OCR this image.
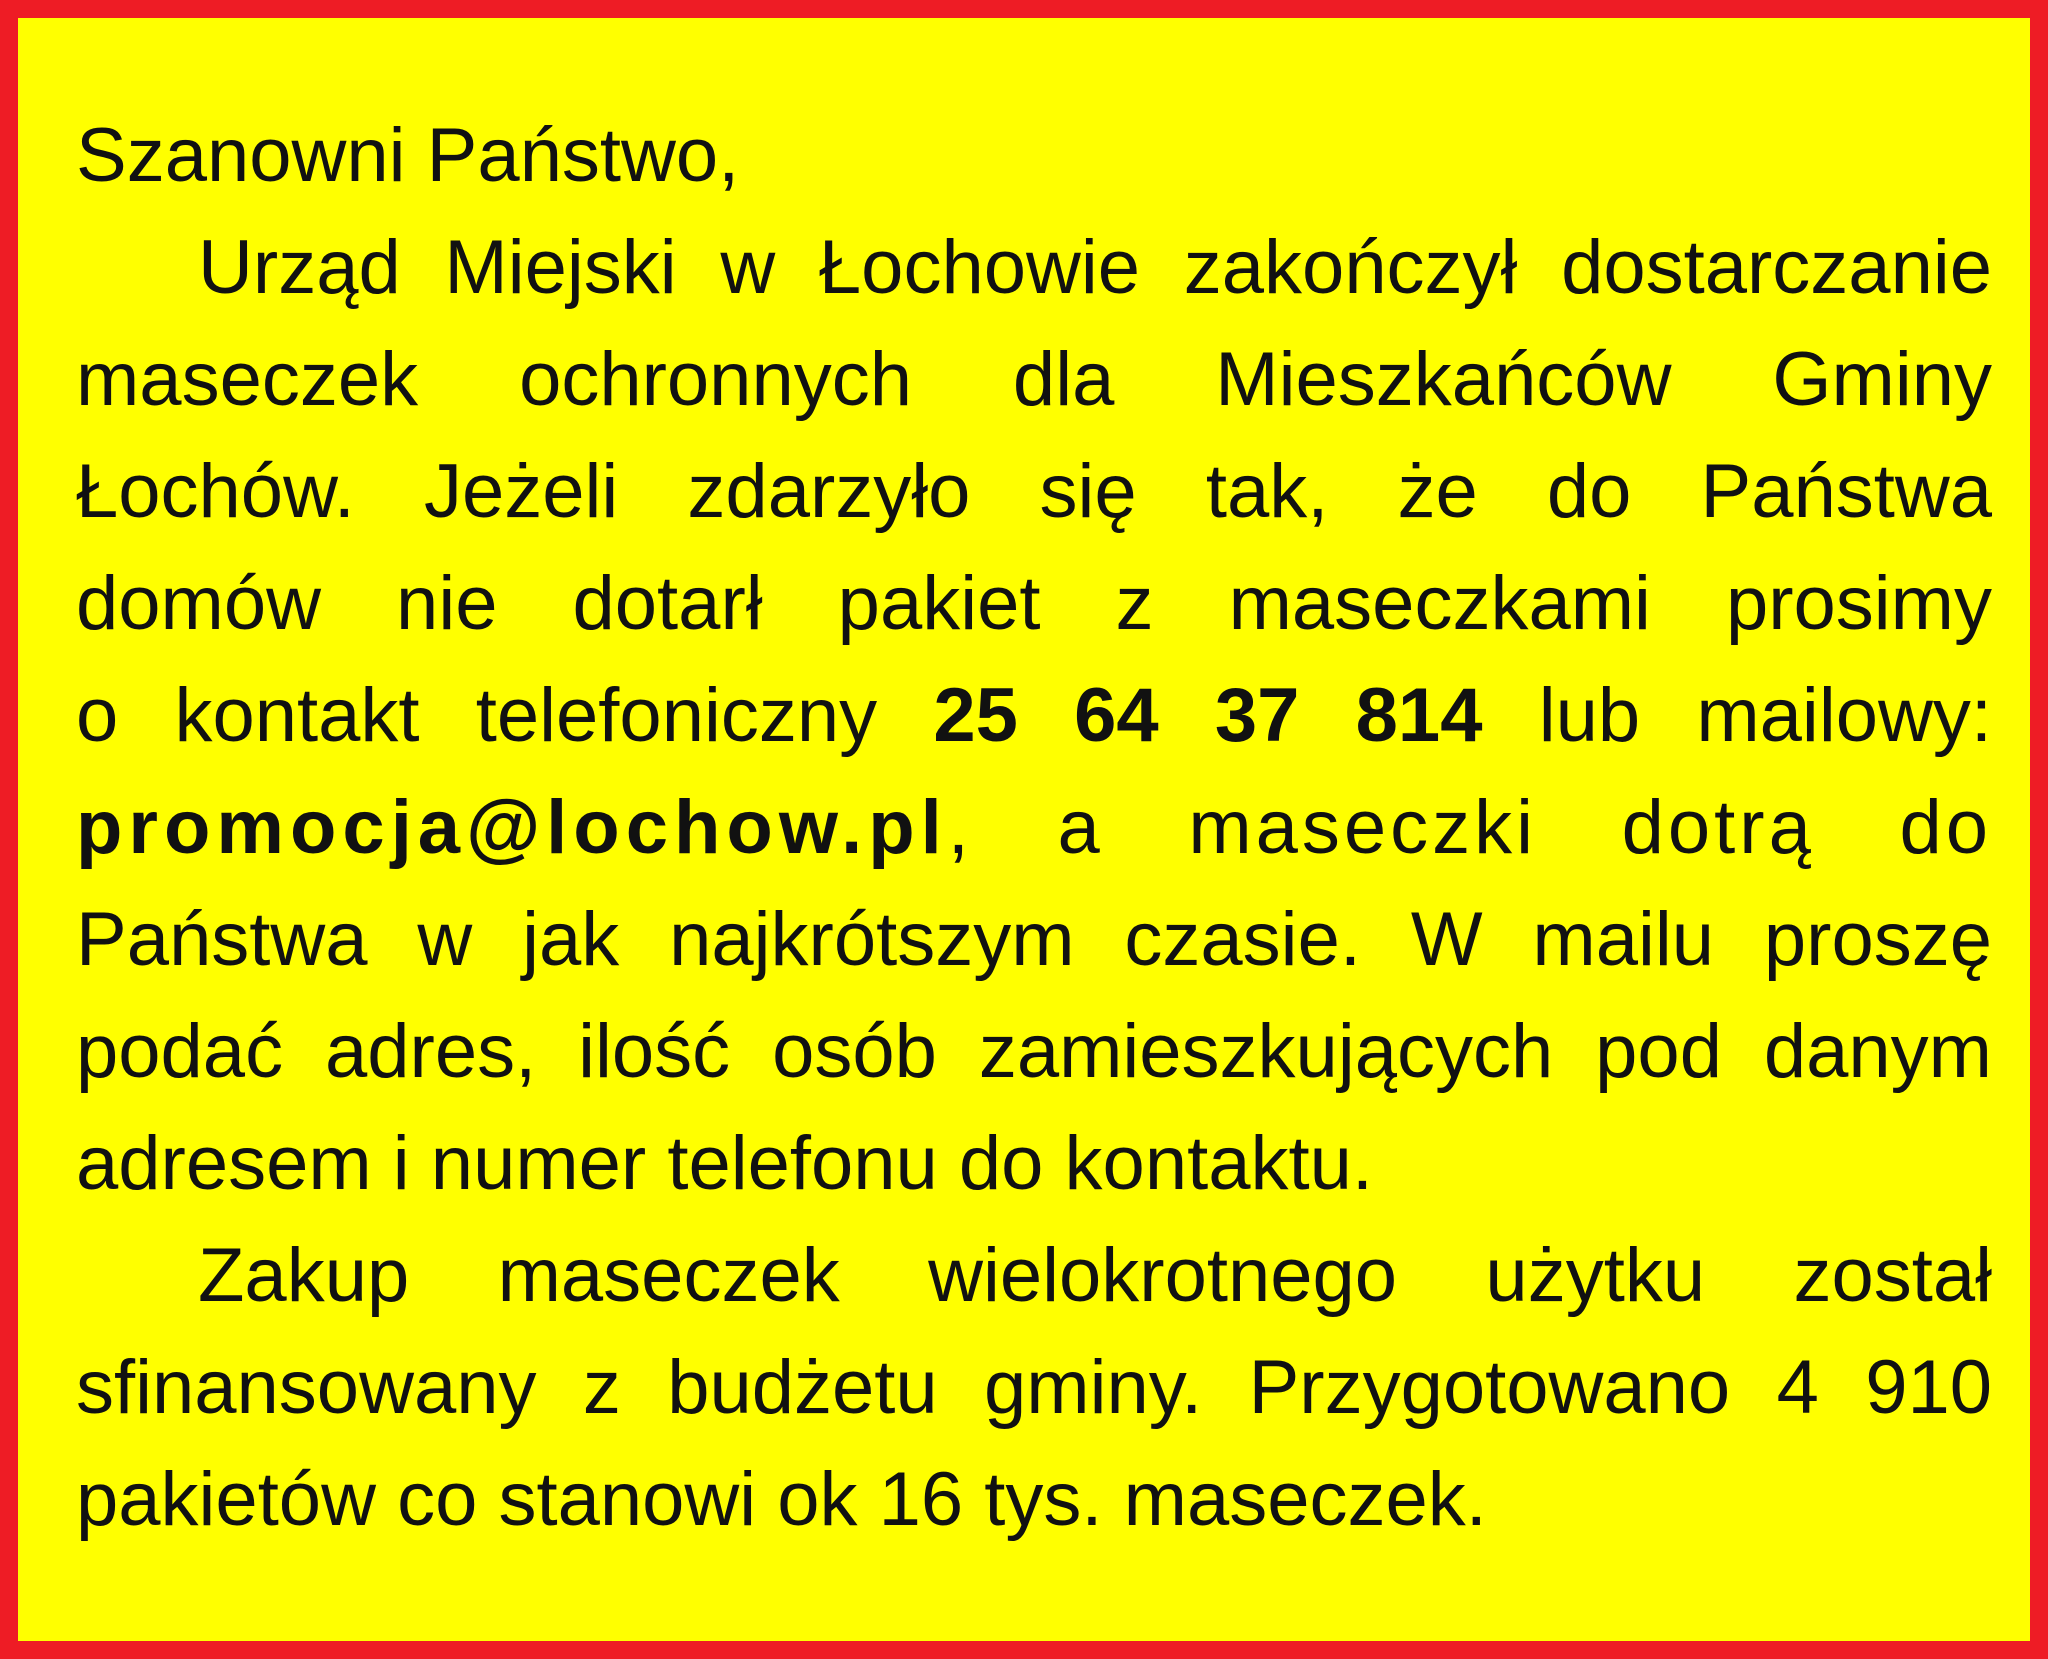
Szanowni Państwo,
Urząd Miejski w Łochowie zakończył dostarczanie
maseczek ochronnych dla Mieszkańców Gminy
Łochów. Jeżeli zdarzyło się tak, że do Państwa
domów nie dotarł pakiet z maseczkami prosimy
o kontakt telefoniczny 25 64 37 814 lub mailowy:
promocja@lochow.pl, a maseczki dotrą do
Państwa w jak najkrótszym czasie. W mailu proszę
podać adres, ilość osób zamieszkujących pod danym
adresem i numer telefonu do kontaktu.
Zakup maseczek wielokrotnego użytku został
sfinansowany z budżetu gminy. Przygotowano 4 910
pakietów co stanowi ok 16 tys. maseczek.
